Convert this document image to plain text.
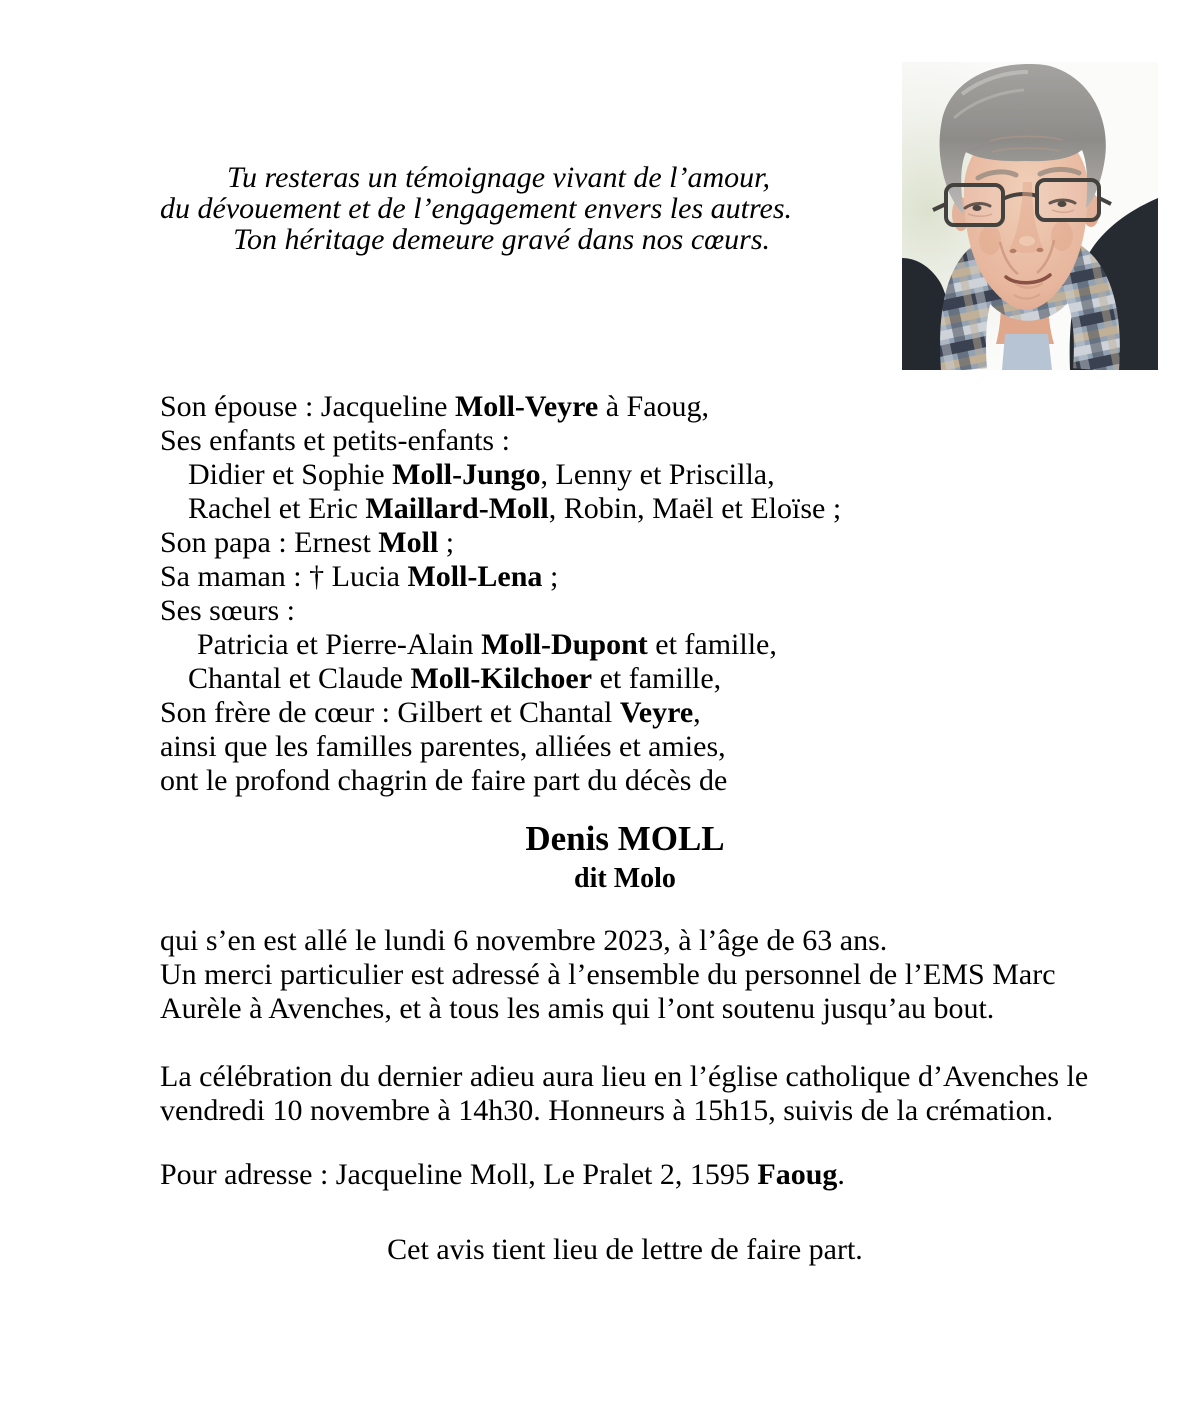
Tu resteras un témoignage vivant de l’amour,
du dévouement et de l’engagement envers les autres.
Ton héritage demeure gravé dans nos cœurs.
Son épouse : Jacqueline Moll-Veyre à Faoug,
Ses enfants et petits-enfants :
Didier et Sophie Moll-Jungo, Lenny et Priscilla,
Rachel et Eric Maillard-Moll, Robin, Maël et Eloïse ;
Son papa : Ernest Moll ;
Sa maman : † Lucia Moll-Lena ;
Ses sœurs :
Patricia et Pierre-Alain Moll-Dupont et famille,
Chantal et Claude Moll-Kilchoer et famille,
Son frère de cœur : Gilbert et Chantal Veyre,
ainsi que les familles parentes, alliées et amies,
ont le profond chagrin de faire part du décès de
Denis MOLL
dit Molo
qui s’en est allé le lundi 6 novembre 2023, à l’âge de 63 ans.
Un merci particulier est adressé à l’ensemble du personnel de l’EMS Marc
Aurèle à Avenches, et à tous les amis qui l’ont soutenu jusqu’au bout.
La célébration du dernier adieu aura lieu en l’église catholique d’Avenches le
vendredi 10 novembre à 14h30. Honneurs à 15h15, suivis de la crémation.
Pour adresse : Jacqueline Moll, Le Pralet 2, 1595 Faoug.
Cet avis tient lieu de lettre de faire part.
